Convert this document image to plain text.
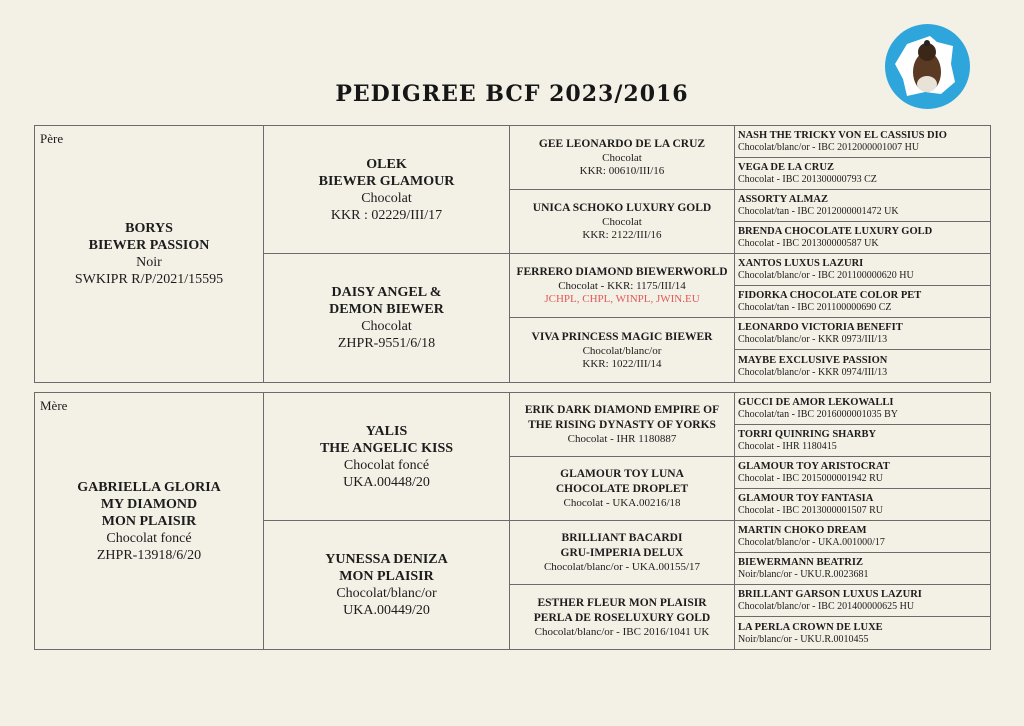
PEDIGREE BCF 2023/2016
Père
BORYS
BIEWER PASSION
Noir
SWKIPR R/P/2021/15595
OLEK
BIEWER GLAMOUR
Chocolat
KKR : 02229/III/17
DAISY ANGEL &
DEMON BIEWER
Chocolat
ZHPR-9551/6/18
GEE LEONARDO DE LA CRUZ
Chocolat
KKR: 00610/III/16
UNICA SCHOKO LUXURY GOLD
Chocolat
KKR: 2122/III/16
FERRERO DIAMOND BIEWERWORLD
Chocolat - KKR: 1175/III/14
JCHPL, CHPL, WINPL, JWIN.EU
VIVA PRINCESS MAGIC BIEWER
Chocolat/blanc/or
KKR: 1022/III/14
NASH THE TRICKY VON EL CASSIUS DIO
Chocolat/blanc/or - IBC 2012000001007 HU
VEGA DE LA CRUZ
Chocolat - IBC 201300000793 CZ
ASSORTY ALMAZ
Chocolat/tan - IBC 2012000001472 UK
BRENDA CHOCOLATE LUXURY GOLD
Chocolat - IBC 201300000587 UK
XANTOS LUXUS LAZURI
Chocolat/blanc/or - IBC 201100000620 HU
FIDORKA CHOCOLATE COLOR PET
Chocolat/tan - IBC 201100000690 CZ
LEONARDO VICTORIA BENEFIT
Chocolat/blanc/or - KKR 0973/III/13
MAYBE EXCLUSIVE PASSION
Chocolat/blanc/or - KKR 0974/III/13
Mère
GABRIELLA GLORIA
MY DIAMOND
MON PLAISIR
Chocolat foncé
ZHPR-13918/6/20
YALIS
THE ANGELIC KISS
Chocolat foncé
UKA.00448/20
YUNESSA DENIZA
MON PLAISIR
Chocolat/blanc/or
UKA.00449/20
ERIK DARK DIAMOND EMPIRE OF
THE RISING DYNASTY OF YORKS
Chocolat - IHR 1180887
GLAMOUR TOY LUNA
CHOCOLATE DROPLET
Chocolat - UKA.00216/18
BRILLIANT BACARDI
GRU-IMPERIA DELUX
Chocolat/blanc/or - UKA.00155/17
ESTHER FLEUR MON PLAISIR
PERLA DE ROSELUXURY GOLD
Chocolat/blanc/or - IBC 2016/1041 UK
GUCCI DE AMOR LEKOWALLI
Chocolat/tan - IBC 2016000001035 BY
TORRI QUINRING SHARBY
Chocolat - IHR 1180415
GLAMOUR TOY ARISTOCRAT
Chocolat - IBC 2015000001942 RU
GLAMOUR TOY FANTASIA
Chocolat - IBC 2013000001507 RU
MARTIN CHOKO DREAM
Chocolat/blanc/or - UKA.001000/17
BIEWERMANN BEATRIZ
Noir/blanc/or - UKU.R.0023681
BRILLANT GARSON LUXUS LAZURI
Chocolat/blanc/or - IBC 201400000625 HU
LA PERLA CROWN DE LUXE
Noir/blanc/or - UKU.R.0010455
